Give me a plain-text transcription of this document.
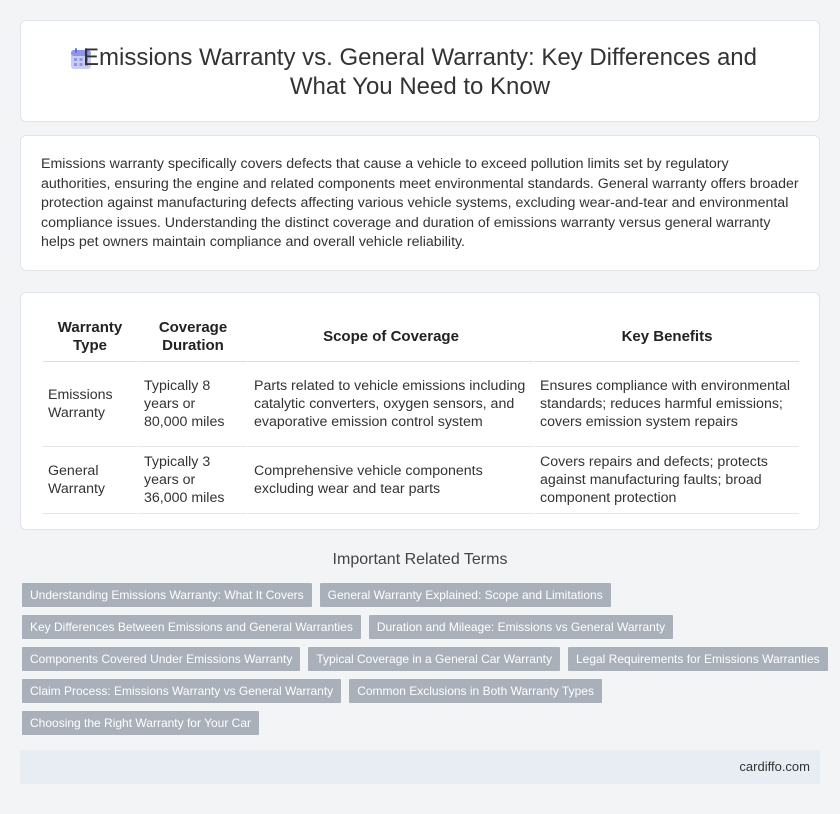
Emissions Warranty vs. General Warranty: Key Differences and What You Need to Know

Emissions warranty specifically covers defects that cause a vehicle to exceed pollution limits set by regulatory authorities, ensuring the engine and related components meet environmental standards. General warranty offers broader protection against manufacturing defects affecting various vehicle systems, excluding wear-and-tear and environmental compliance issues. Understanding the distinct coverage and duration of emissions warranty versus general warranty helps pet owners maintain compliance and overall vehicle reliability.

Warranty Type	Coverage Duration	Scope of Coverage	Key Benefits
Emissions Warranty	Typically 8 years or 80,000 miles	Parts related to vehicle emissions including catalytic converters, oxygen sensors, and evaporative emission control system	Ensures compliance with environmental standards; reduces harmful emissions; covers emission system repairs
General Warranty	Typically 3 years or 36,000 miles	Comprehensive vehicle components excluding wear and tear parts	Covers repairs and defects; protects against manufacturing faults; broad component protection
Important Related Terms
Understanding Emissions Warranty: What It Covers	General Warranty Explained: Scope and Limitations
Key Differences Between Emissions and General Warranties	Duration and Mileage: Emissions vs General Warranty
Components Covered Under Emissions Warranty	Typical Coverage in a General Car Warranty	Legal Requirements for Emissions Warranties
Claim Process: Emissions Warranty vs General Warranty	Common Exclusions in Both Warranty Types
Choosing the Right Warranty for Your Car
cardiffo.com
